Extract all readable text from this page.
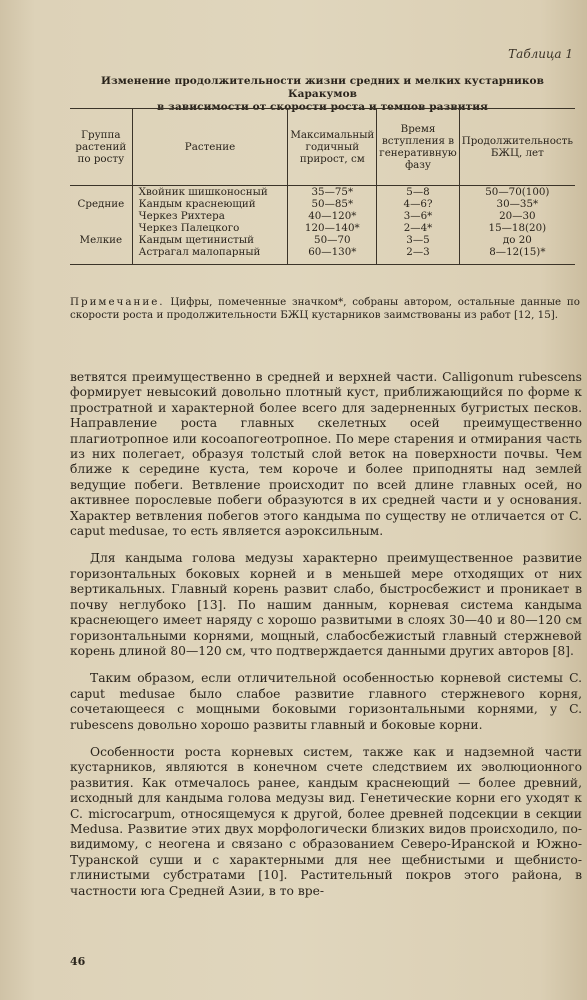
Таблица 1
Изменение продолжительности жизни средних и мелких кустарников Каракумов
в зависимости от скорости роста и темпов развития
Группа растений по росту	Растение	Максимальный годичный прирост, см	Время вступления в генеративную фазу	Продолжительность БЖЦ, лет
	Хвойник шишконосный	35—75*	5—8	50—70(100)
Средние	Кандым краснеющий	50—85*	4—6?	30—35*
	Черкез Рихтера	40—120*	3—6*	20—30
	Черкез Палецкого	120—140*	2—4*	15—18(20)
Мелкие	Кандым щетинистый	50—70	3—5	до 20
	Астрагал малопарный	60—130*	2—3	8—12(15)*
Примечание. Цифры, помеченные значком*, собраны автором, остальные данные по скорости роста и продолжительности БЖЦ кустарников заимствованы из работ [12, 15].

ветвятся преимущественно в средней и верхней части. Calligonum rubescens формирует невысокий довольно плотный куст, приближающийся по форме к простратной и характерной более всего для задерненных бугристых песков. Направление роста главных скелетных осей преимущественно плагиотропное или косоапогеотропное. По мере старения и отмирания часть из них полегает, образуя толстый слой веток на поверхности почвы. Чем ближе к середине куста, тем короче и более приподняты над землей ведущие побеги. Ветвление происходит по всей длине главных осей, но активнее порослевые побеги образуются в их средней части и у основания. Характер ветвления побегов этого кандыма по существу не отличается от C. caput medusae, то есть является аэроксильным.

Для кандыма голова медузы характерно преимущественное развитие горизонтальных боковых корней и в меньшей мере отходящих от них вертикальных. Главный корень развит слабо, быстросбежист и проникает в почву неглубоко [13]. По нашим данным, корневая система кандыма краснеющего имеет наряду с хорошо развитыми в слоях 30—40 и 80—120 см горизонтальными корнями, мощный, слабосбежистый главный стержневой корень длиной 80—120 см, что подтверждается данными других авторов [8].

Таким образом, если отличительной особенностью корневой системы C. caput medusae было слабое развитие главного стержневого корня, сочетающееся с мощными боковыми горизонтальными корнями, у C. rubescens довольно хорошо развиты главный и боковые корни.

Особенности роста корневых систем, также как и надземной части кустарников, являются в конечном счете следствием их эволюционного развития. Как отмечалось ранее, кандым краснеющий — более древний, исходный для кандыма голова медузы вид. Генетические корни его уходят к C. microcarpum, относящемуся к другой, более древней подсекции в секции Medusa. Развитие этих двух морфологически близких видов происходило, по-видимому, с неогена и связано с образованием Северо-Иранской и Южно-Туранской суши и с характерными для нее щебнистыми и щебнисто-глинистыми субстратами [10]. Растительный покров этого района, в частности юга Средней Азии, в то вре-

46
